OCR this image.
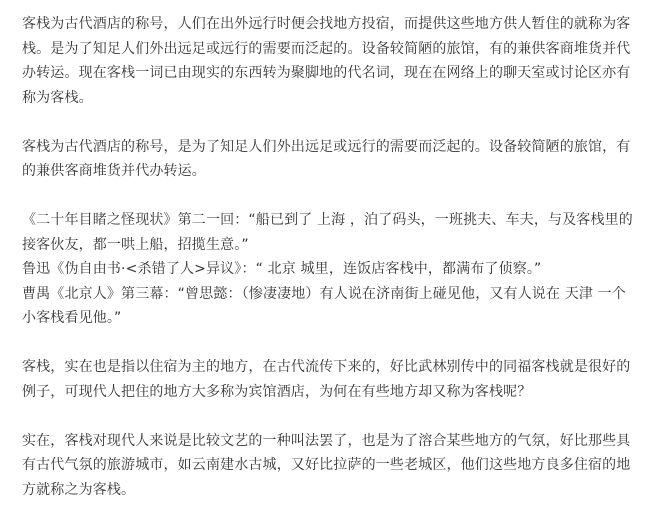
客栈为古代酒店的称号，人们在出外远行时便会找地方投宿，而提供这些地方供人暂住的就称为客栈。是为了知足人们外出远足或远行的需要而泛起的。设备较简陋的旅馆，有的兼供客商堆货并代办转运。现在客栈一词已由现实的东西转为聚脚地的代名词，现在在网络上的聊天室或讨论区亦有称为客栈。

客栈为古代酒店的称号，是为了知足人们外出远足或远行的需要而泛起的。设备较简陋的旅馆，有的兼供客商堆货并代办转运。

《二十年目睹之怪现状》第二一回：“船已到了 上海 ，泊了码头，一班挑夫、车夫，与及客栈里的接客伙友，都一哄上船，招揽生意。”

鲁迅《伪自由书·<杀错了人>异议》：“ 北京 城里，连饭店客栈中，都满布了侦察。”

曹禺《北京人》第三幕：“曾思懿：（惨凄凄地）有人说在济南街上碰见他，又有人说在 天津 一个小客栈看见他。”

客栈，实在也是指以住宿为主的地方，在古代流传下来的，好比武林别传中的同福客栈就是很好的例子，可现代人把住的地方大多称为宾馆酒店，为何在有些地方却又称为客栈呢？

实在，客栈对现代人来说是比较文艺的一种叫法罢了，也是为了溶合某些地方的气氛，好比那些具有古代气氛的旅游城市，如云南建水古城，又好比拉萨的一些老城区，他们这些地方良多住宿的地方就称之为客栈。
